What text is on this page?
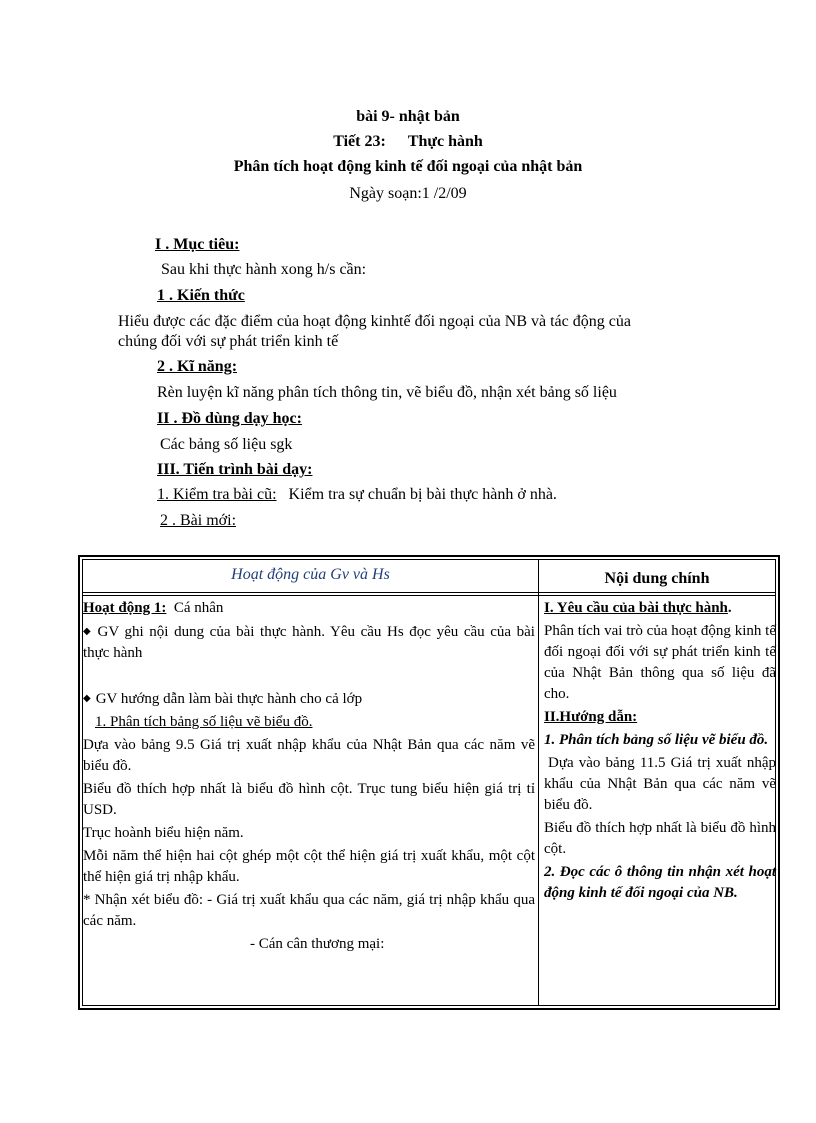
bài 9- nhật bản
Tiết 23: Thực hành
Phân tích hoạt động kinh tế đối ngoại của nhật bản
Ngày soạn:1 /2/09
I . Mục tiêu:
Sau khi thực hành xong h/s cần:
1 . Kiến thức
Hiểu được các đặc điểm của hoạt động kinhtế đối ngoại của NB và tác động của
chúng đối với sự phát triển kinh tế
2 . Kĩ năng:
Rèn luyện kĩ năng phân tích thông tin, vẽ biểu đồ, nhận xét bảng số liệu
II . Đồ dùng dạy học:
Các bảng số liệu sgk
III. Tiến trình bài dạy:
1. Kiểm tra bài cũ: Kiểm tra sự chuẩn bị bài thực hành ở nhà.
2 . Bài mới:
Hoạt động của Gv và Hs	Nội dung chính

Hoạt động 1: Cá nhân

◆ GV ghi nội dung của bài thực hành. Yêu cầu Hs đọc yêu cầu của bài thực hành

◆ GV hướng dẫn làm bài thực hành cho cả lớp

1. Phân tích bảng số liệu vẽ biểu đồ.

Dựa vào bảng 9.5 Giá trị xuất nhập khẩu của Nhật Bản qua các năm vẽ biểu đồ.

Biểu đồ thích hợp nhất là biểu đồ hình cột. Trục tung biểu hiện giá trị tỉ USD.

Trục hoành biểu hiện năm.

Mỗi năm thể hiện hai cột ghép một cột thể hiện giá trị xuất khẩu, một cột thể hiện giá trị nhập khẩu.

* Nhận xét biểu đồ: - Giá trị xuất khẩu qua các năm, giá trị nhập khẩu qua các năm.

- Cán cân thương mại:

I. Yêu cầu của bài thực hành.

Phân tích vai trò của hoạt động kinh tế đối ngoại đối với sự phát triển kinh tế của Nhật Bản thông qua số liệu đã cho.

II.Hướng dẫn:

1. Phân tích bảng số liệu vẽ biểu đồ.

Dựa vào bảng 11.5 Giá trị xuất nhập khẩu của Nhật Bản qua các năm vẽ biểu đồ.

Biểu đồ thích hợp nhất là biểu đồ hình cột.

2. Đọc các ô thông tin nhận xét hoạt động kinh tế đối ngoại của NB.
